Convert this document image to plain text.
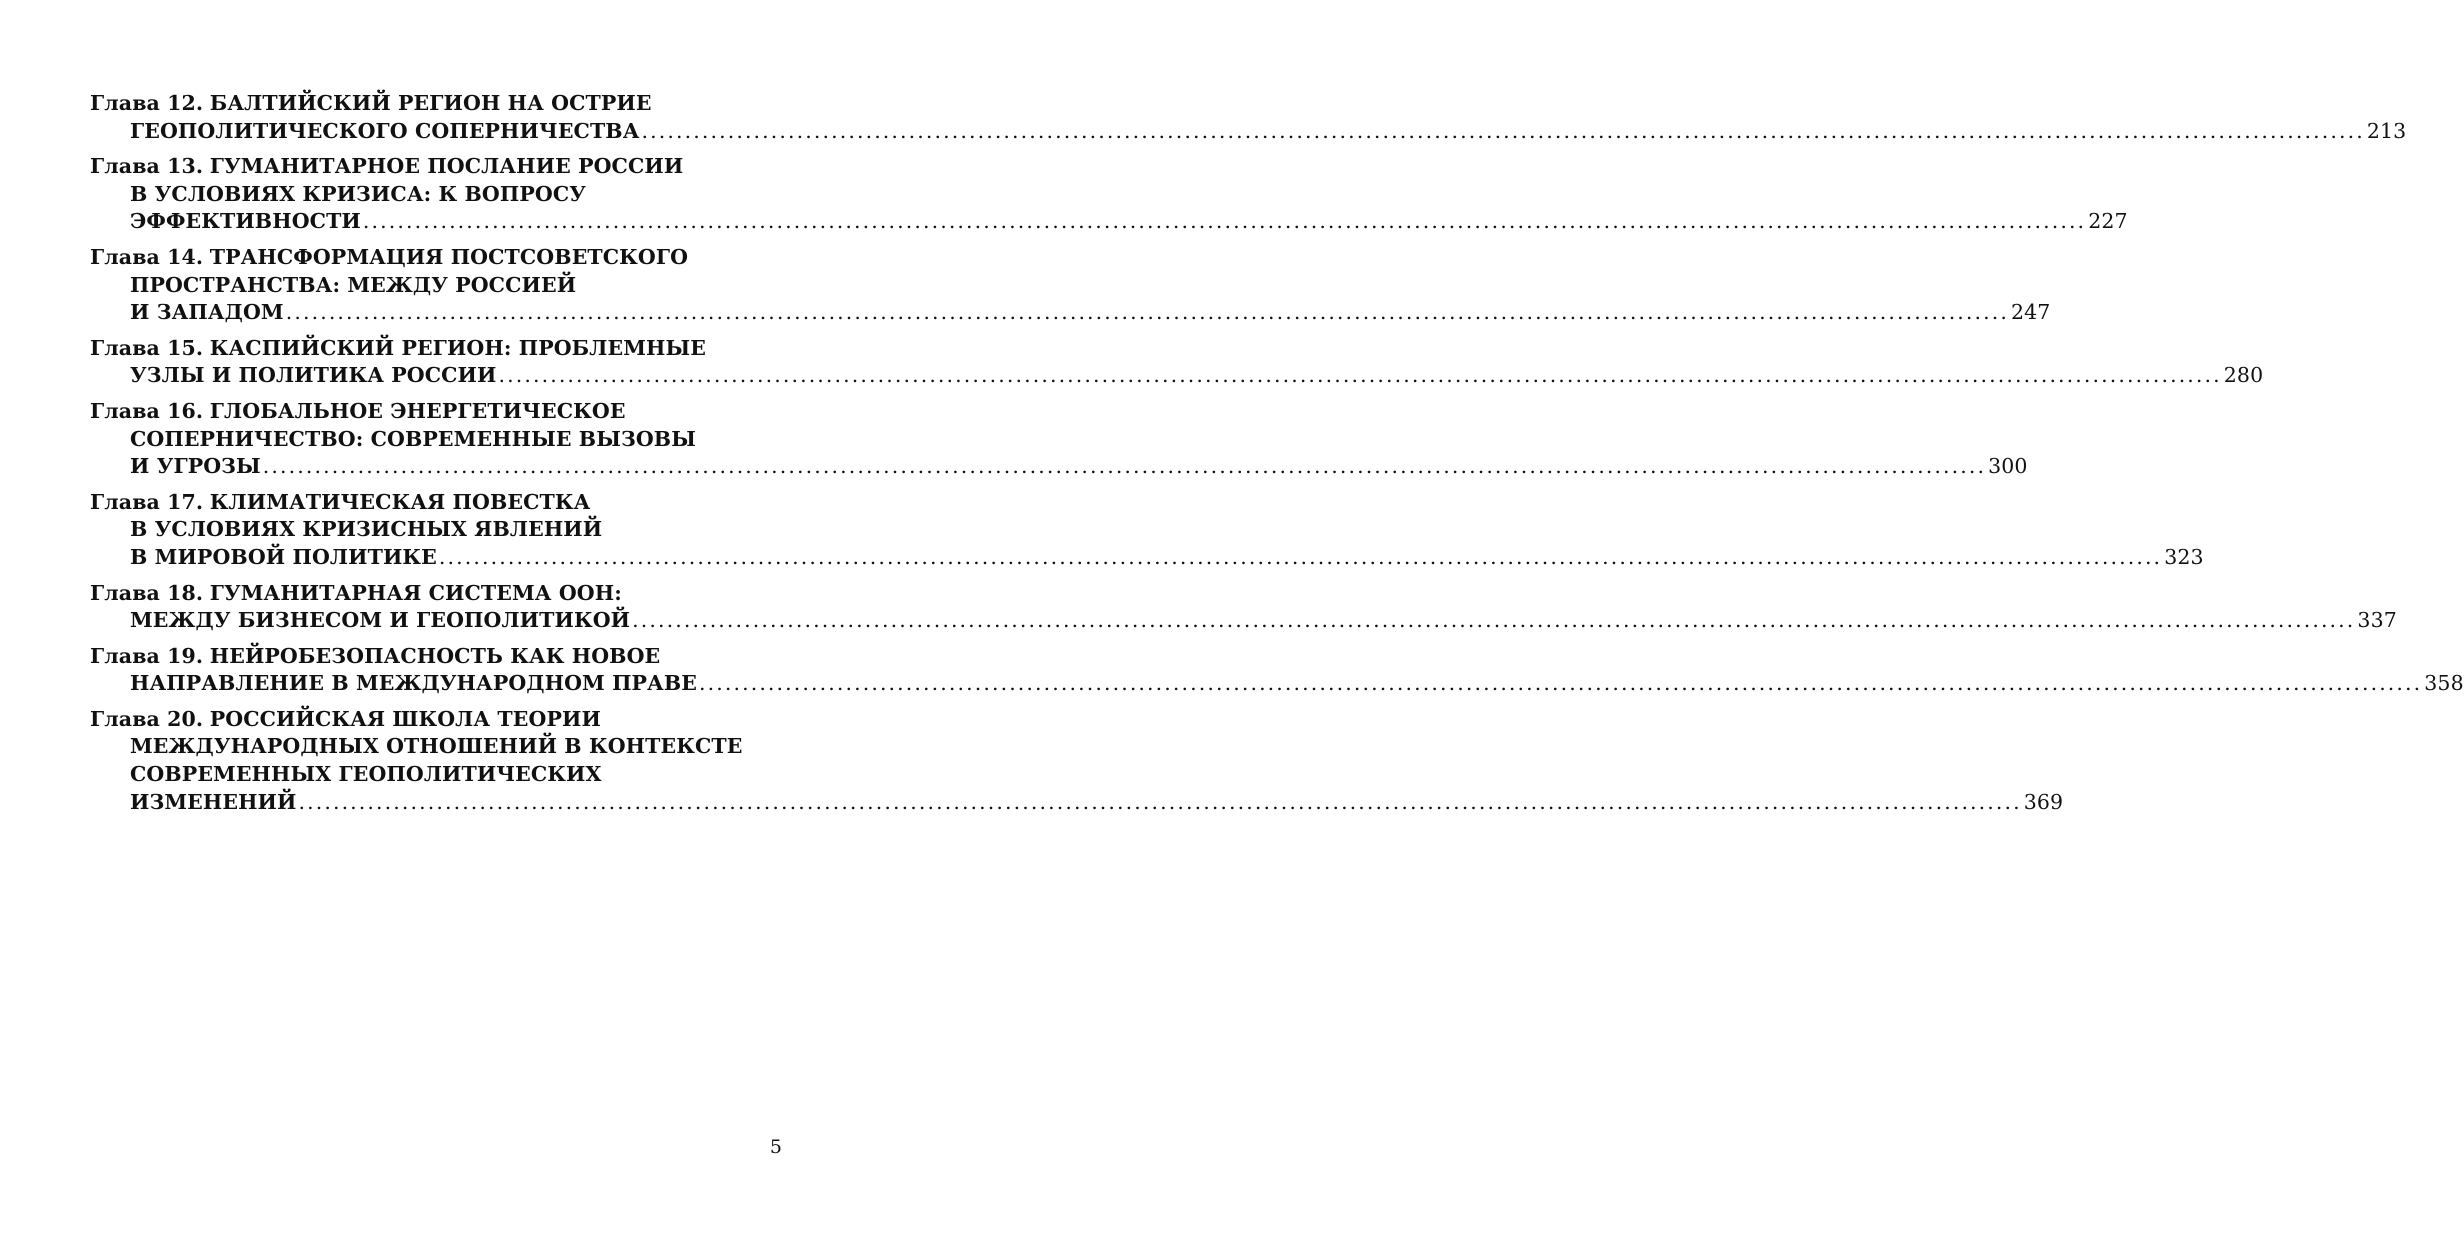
Глава 12. БАЛТИЙСКИЙ РЕГИОН НА ОСТРИЕ
ГЕОПОЛИТИЧЕСКОГО СОПЕРНИЧЕСТВА ........................................................................................................................................................................................................ 213
Глава 13. ГУМАНИТАРНОЕ ПОСЛАНИЕ РОССИИ
В УСЛОВИЯХ КРИЗИСА: К ВОПРОСУ
ЭФФЕКТИВНОСТИ ........................................................................................................................................................................................................ 227
Глава 14. ТРАНСФОРМАЦИЯ ПОСТСОВЕТСКОГО
ПРОСТРАНСТВА: МЕЖДУ РОССИЕЙ
И ЗАПАДОМ ........................................................................................................................................................................................................ 247
Глава 15. КАСПИЙСКИЙ РЕГИОН: ПРОБЛЕМНЫЕ
УЗЛЫ И ПОЛИТИКА РОССИИ ........................................................................................................................................................................................................ 280
Глава 16. ГЛОБАЛЬНОЕ ЭНЕРГЕТИЧЕСКОЕ
СОПЕРНИЧЕСТВО: СОВРЕМЕННЫЕ ВЫЗОВЫ
И УГРОЗЫ ........................................................................................................................................................................................................ 300
Глава 17. КЛИМАТИЧЕСКАЯ ПОВЕСТКА
В УСЛОВИЯХ КРИЗИСНЫХ ЯВЛЕНИЙ
В МИРОВОЙ ПОЛИТИКЕ ........................................................................................................................................................................................................ 323
Глава 18. ГУМАНИТАРНАЯ СИСТЕМА ООН:
МЕЖДУ БИЗНЕСОМ И ГЕОПОЛИТИКОЙ ........................................................................................................................................................................................................ 337
Глава 19. НЕЙРОБЕЗОПАСНОСТЬ КАК НОВОЕ
НАПРАВЛЕНИЕ В МЕЖДУНАРОДНОМ ПРАВЕ ........................................................................................................................................................................................................ 358
Глава 20. РОССИЙСКАЯ ШКОЛА ТЕОРИИ
МЕЖДУНАРОДНЫХ ОТНОШЕНИЙ В КОНТЕКСТЕ
СОВРЕМЕННЫХ ГЕОПОЛИТИЧЕСКИХ
ИЗМЕНЕНИЙ ........................................................................................................................................................................................................ 369
5
